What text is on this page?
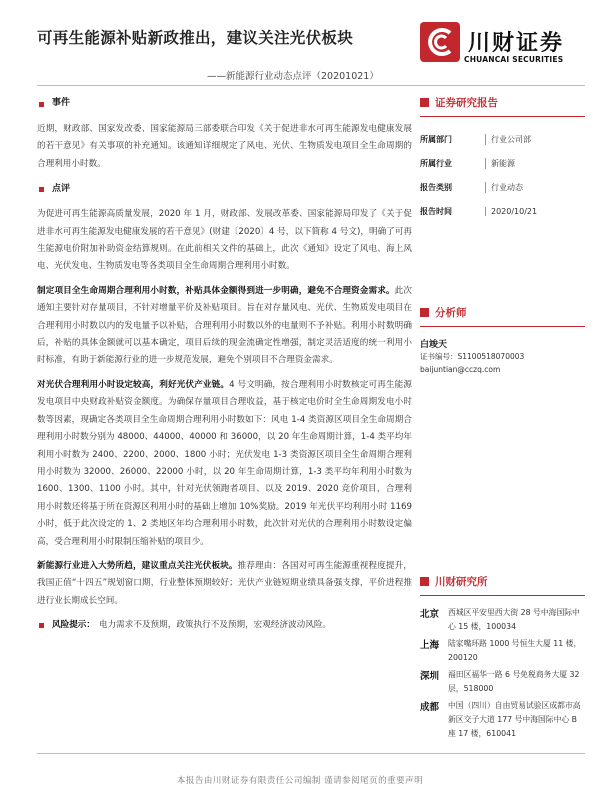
可再生能源补贴新政推出，建议关注光伏板块	川财证券
CHUANCAI SECURITIES
——新能源行业动态点评（20201021）
事件
近期，财政部、国家发改委、国家能源局三部委联合印发《关于促进非水可再生能源发电健康发展的若干意见》有关事项的补充通知。该通知详细规定了风电、光伏、生物质发电项目全生命周期的合理利用小时数。
点评
为促进可再生能源高质量发展，2020 年 1 月，财政部、发展改革委、国家能源局印发了《关于促进非水可再生能源发电健康发展的若干意见》(财建〔2020〕4 号，以下简称 4 号文)，明确了可再生能源电价附加补助资金结算规则。在此前相关文件的基础上，此次《通知》设定了风电、海上风电、光伏发电、生物质发电等各类项目全生命周期合理利用小时数。
制定项目全生命周期合理利用小时数，补贴具体金额得到进一步明确，避免不合理资金需求。此次通知主要针对存量项目，不针对增量平价及补贴项目。旨在对存量风电、光伏、生物质发电项目在合理利用小时数以内的发电量予以补贴，合理利用小时数以外的电量则不予补贴。利用小时数明确后，补贴的具体金额就可以基本确定，项目后续的现金流确定性增强，制定灵活适度的统一利用小时标准，有助于新能源行业的进一步规范发展，避免个别项目不合理资金需求。
对光伏合理利用小时设定较高，利好光伏产业链。4 号文明确，按合理利用小时数核定可再生能源发电项目中央财政补贴资金额度。为确保存量项目合理收益，基于核定电价时全生命周期发电小时数等因素，现确定各类项目全生命周期合理利用小时数如下：风电 1-4 类资源区项目全生命周期合理利用小时数分别为 48000、44000、40000 和 36000，以 20 年生命周期计算，1-4 类平均年利用小时数为 2400、2200、2000、1800 小时；光伏发电 1-3 类资源区项目全生命周期合理利用小时数为 32000、26000、22000 小时，以 20 年生命周期计算，1-3 类平均年利用小时数为 1600、1300、1100 小时。其中，针对光伏领跑者项目、以及 2019、2020 竞价项目，合理利用小时数还将基于所在资源区利用小时的基础上增加 10%奖励。2019 年光伏平均利用小时 1169 小时，低于此次设定的 1、2 类地区年均合理利用小时数，此次针对光伏的合理利用小时数设定偏高，受合理利用小时限制压缩补贴的项目少。
新能源行业进入大势所趋，建议重点关注光伏板块。推荐理由：各国对可再生能源重视程度提升，我国正值“十四五”规划窗口期，行业整体预期较好；光伏产业链短期业绩具备强支撑，平价进程推进行业长期成长空间。
风险提示： 电力需求不及预期，政策执行不及预期，宏观经济波动风险。
证券研究报告
所属部门	行业公司部
所属行业	新能源
报告类别	行业动态
报告时间	2020/10/21
分析师
白竣天
证书编号：S1100518070003
baijuntian@cczq.com
川财研究所
北京	西城区平安里西大街 28 号中海国际中心 15 楼，100034
上海	陆家嘴环路 1000 号恒生大厦 11 楼，200120
深圳	福田区福华一路 6 号免税商务大厦 32 层，518000
成都	中国（四川）自由贸易试验区成都市高新区交子大道 177 号中海国际中心 B 座 17 楼，610041
本报告由川财证券有限责任公司编制 谨请参阅尾页的重要声明
